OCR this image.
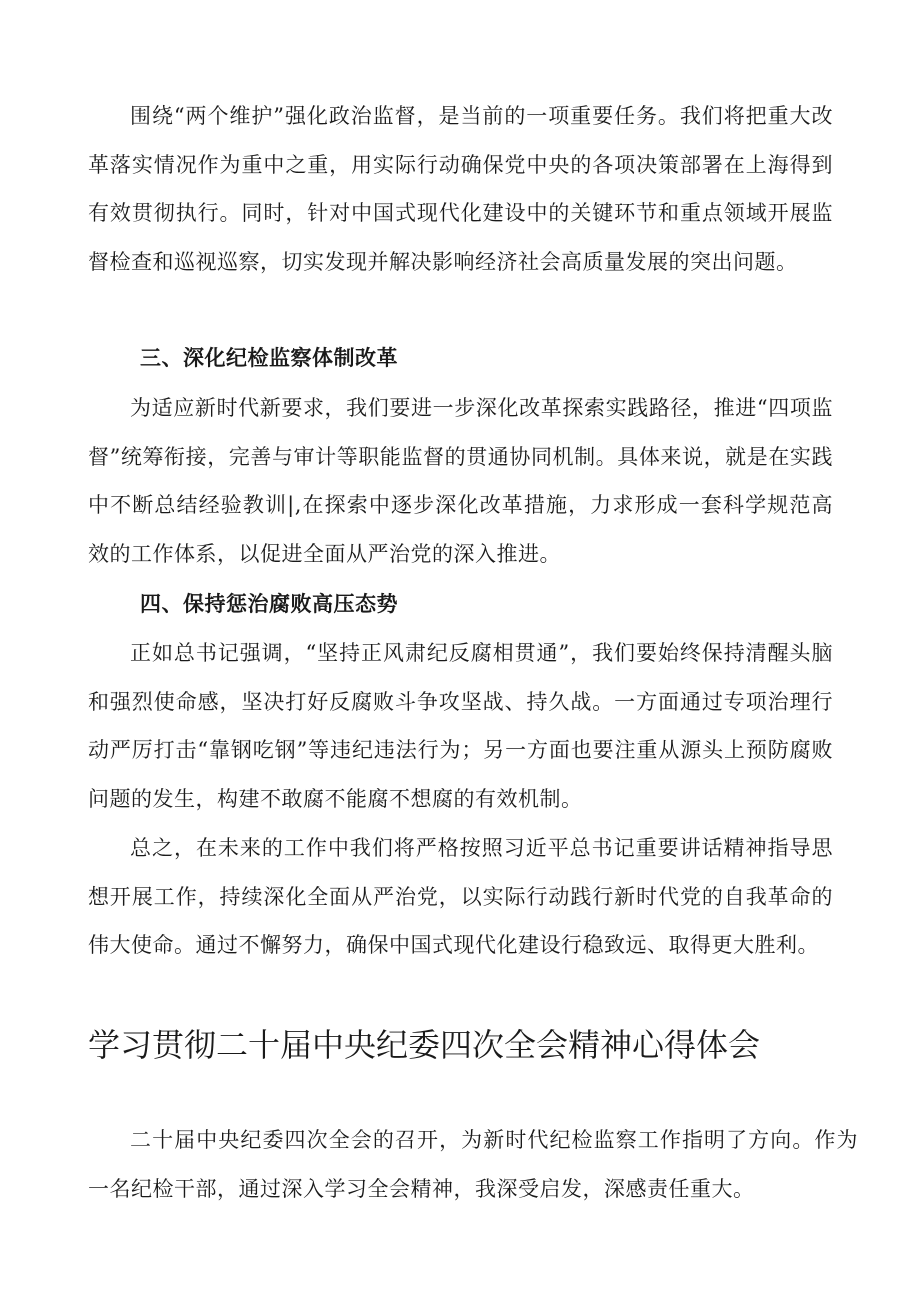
围绕“两个维护”强化政治监督，是当前的一项重要任务。我们将把重大改革落实情况作为重中之重，用实际行动确保党中央的各项决策部署在上海得到有效贯彻执行。同时，针对中国式现代化建设中的关键环节和重点领域开展监督检查和巡视巡察，切实发现并解决影响经济社会高质量发展的突出问题。

三、深化纪检监察体制改革

为适应新时代新要求，我们要进一步深化改革探索实践路径，推进“四项监督”统筹衔接，完善与审计等职能监督的贯通协同机制。具体来说，就是在实践中不断总结经验教训|,在探索中逐步深化改革措施，力求形成一套科学规范高效的工作体系，以促进全面从严治党的深入推进。

四、保持惩治腐败高压态势

正如总书记强调，“坚持正风肃纪反腐相贯通”，我们要始终保持清醒头脑和强烈使命感，坚决打好反腐败斗争攻坚战、持久战。一方面通过专项治理行动严厉打击“靠钢吃钢”等违纪违法行为；另一方面也要注重从源头上预防腐败问题的发生，构建不敢腐不能腐不想腐的有效机制。

总之，在未来的工作中我们将严格按照习近平总书记重要讲话精神指导思想开展工作，持续深化全面从严治党，以实际行动践行新时代党的自我革命的伟大使命。通过不懈努力，确保中国式现代化建设行稳致远、取得更大胜利。

学习贯彻二十届中央纪委四次全会精神心得体会

二十届中央纪委四次全会的召开，为新时代纪检监察工作指明了方向。作为一名纪检干部，通过深入学习全会精神，我深受启发，深感责任重大。
